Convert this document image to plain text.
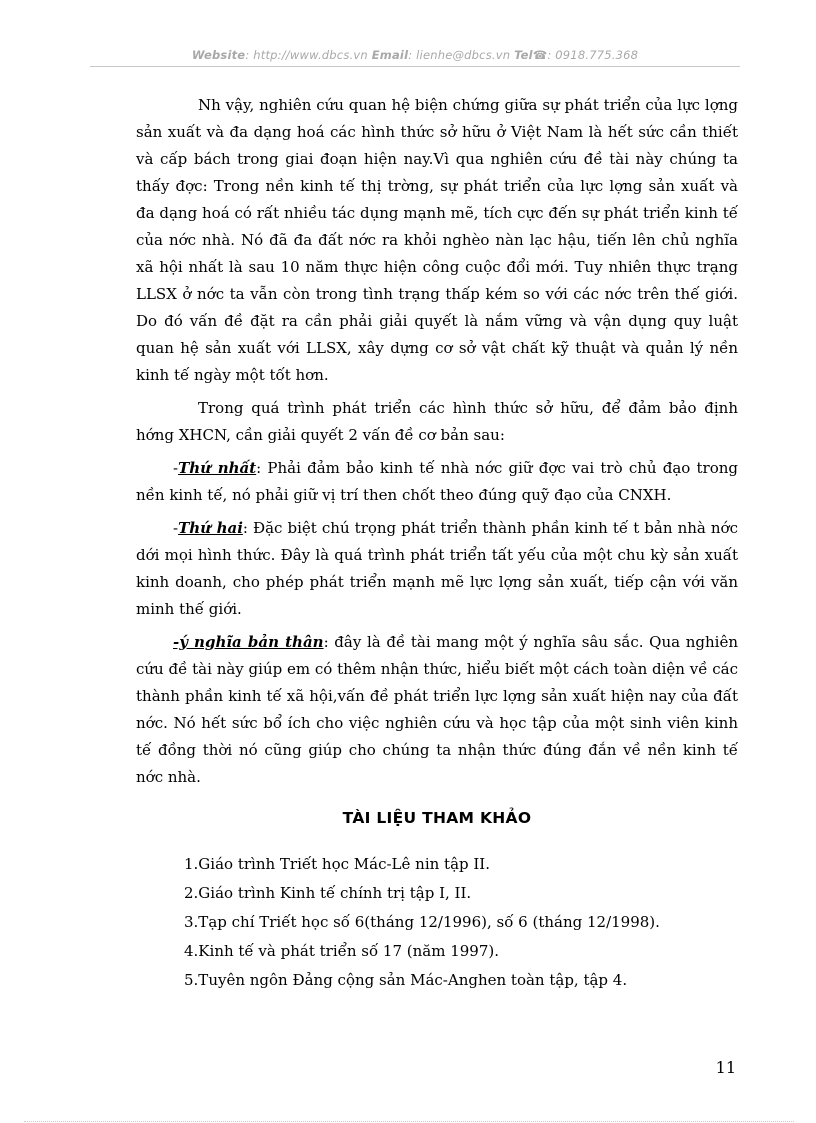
Website: http://www.dbcs.vn Email: lienhe@dbcs.vn Tel☎: 0918.775.368

Nh vậy, nghiên cứu quan hệ biện chứng giữa sự phát triển của lực lợng sản xuất và đa dạng hoá các hình thức sở hữu ở Việt Nam là hết sức cần thiết và cấp bách trong giai đoạn hiện nay.Vì qua nghiên cứu đề tài này chúng ta thấy đợc: Trong nền kinh tế thị trờng, sự phát triển của lực lợng sản xuất và đa dạng hoá có rất nhiều tác dụng mạnh mẽ, tích cực đến sự phát triển kinh tế của nớc nhà. Nó đã đa đất nớc ra khỏi nghèo nàn lạc hậu, tiến lên chủ nghĩa xã hội nhất là sau 10 năm thực hiện công cuộc đổi mới. Tuy nhiên thực trạng LLSX ở nớc ta vẫn còn trong tình trạng thấp kém so với các nớc trên thế giới. Do đó vấn đề đặt ra cần phải giải quyết là nắm vững và vận dụng quy luật quan hệ sản xuất với LLSX, xây dựng cơ sở vật chất kỹ thuật và quản lý nền kinh tế ngày một tốt hơn.

Trong quá trình phát triển các hình thức sở hữu, để đảm bảo định hớng XHCN, cần giải quyết 2 vấn đề cơ bản sau:

-Thứ nhất: Phải đảm bảo kinh tế nhà nớc giữ đợc vai trò chủ đạo trong nền kinh tế, nó phải giữ vị trí then chốt theo đúng quỹ đạo của CNXH.

-Thứ hai: Đặc biệt chú trọng phát triển thành phần kinh tế t bản nhà nớc dới mọi hình thức. Đây là quá trình phát triển tất yếu của một chu kỳ sản xuất kinh doanh, cho phép phát triển mạnh mẽ lực lợng sản xuất, tiếp cận với văn minh thế giới.

-ý nghĩa bản thân: đây là đề tài mang một ý nghĩa sâu sắc. Qua nghiên cứu đề tài này giúp em có thêm nhận thức, hiểu biết một cách toàn diện về các thành phần kinh tế xã hội,vấn đề phát triển lực lợng sản xuất hiện nay của đất nớc. Nó hết sức bổ ích cho việc nghiên cứu và học tập của một sinh viên kinh tế đồng thời nó cũng giúp cho chúng ta nhận thức đúng đắn về nền kinh tế nớc nhà.

TÀI LIỆU THAM KHẢO

1.Giáo trình Triết học Mác-Lê nin tập II.

2.Giáo trình Kinh tế chính trị tập I, II.

3.Tạp chí Triết học số 6(tháng 12/1996), số 6 (tháng 12/1998).

4.Kinh tế và phát triển số 17 (năm 1997).

5.Tuyên ngôn Đảng cộng sản Mác-Anghen toàn tập, tập 4.

11
